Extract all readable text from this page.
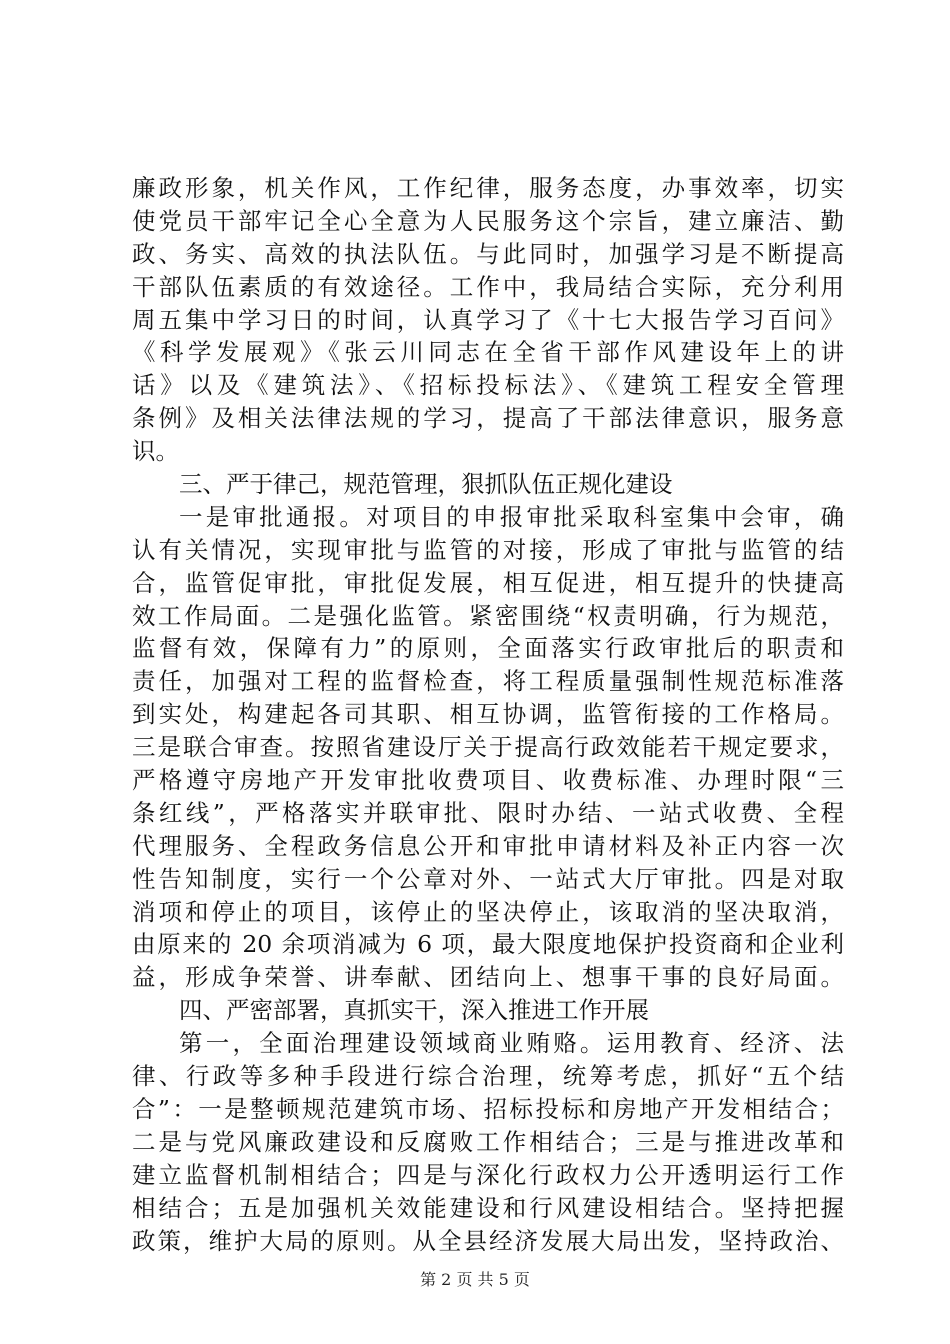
廉政形象，机关作风，工作纪律，服务态度，办事效率，切实
使党员干部牢记全心全意为人民服务这个宗旨，建立廉洁、勤
政、务实、高效的执法队伍。与此同时，加强学习是不断提高
干部队伍素质的有效途径。工作中，我局结合实际，充分利用
周五集中学习日的时间，认真学习了《十七大报告学习百问》
《科学发展观》《张云川同志在全省干部作风建设年上的讲
话》以及《建筑法》、《招标投标法》、《建筑工程安全管理
条例》及相关法律法规的学习，提高了干部法律意识，服务意
识。
三、严于律己，规范管理，狠抓队伍正规化建设
一是审批通报。对项目的申报审批采取科室集中会审，确
认有关情况，实现审批与监管的对接，形成了审批与监管的结
合，监管促审批，审批促发展，相互促进，相互提升的快捷高
效工作局面。二是强化监管。紧密围绕“权责明确，行为规范，
监督有效，保障有力”的原则，全面落实行政审批后的职责和
责任，加强对工程的监督检查，将工程质量强制性规范标准落
到实处，构建起各司其职、相互协调，监管衔接的工作格局。
三是联合审查。按照省建设厅关于提高行政效能若干规定要求，
严格遵守房地产开发审批收费项目、收费标准、办理时限“三
条红线”，严格落实并联审批、限时办结、一站式收费、全程
代理服务、全程政务信息公开和审批申请材料及补正内容一次
性告知制度，实行一个公章对外、一站式大厅审批。四是对取
消项和停止的项目，该停止的坚决停止，该取消的坚决取消，
由原来的 20 余项消减为 6 项，最大限度地保护投资商和企业利
益，形成争荣誉、讲奉献、团结向上、想事干事的良好局面。
四、严密部署，真抓实干，深入推进工作开展
第一，全面治理建设领域商业贿赂。运用教育、经济、法
律、行政等多种手段进行综合治理，统筹考虑，抓好“五个结
合”：一是整顿规范建筑市场、招标投标和房地产开发相结合；
二是与党风廉政建设和反腐败工作相结合；三是与推进改革和
建立监督机制相结合；四是与深化行政权力公开透明运行工作
相结合；五是加强机关效能建设和行风建设相结合。坚持把握
政策，维护大局的原则。从全县经济发展大局出发，坚持政治、
第 2 页 共 5 页
